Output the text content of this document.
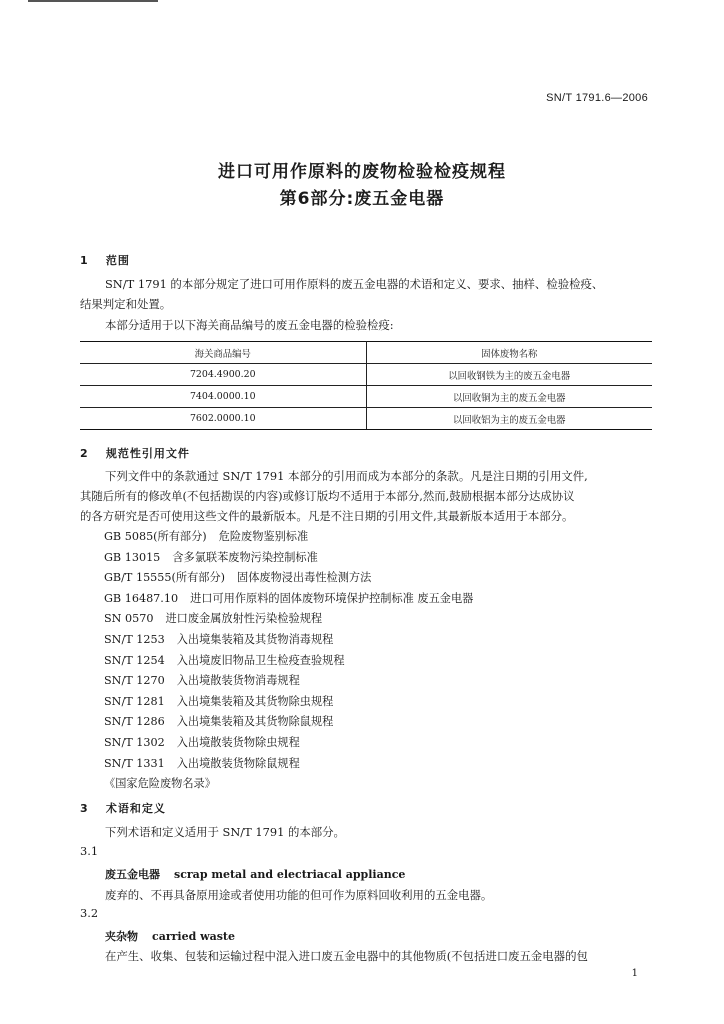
SN/T 1791.6—2006
进口可用作原料的废物检验检疫规程
第6部分:废五金电器
1 范围
SN/T 1791 的本部分规定了进口可用作原料的废五金电器的术语和定义、要求、抽样、检验检疫、
结果判定和处置。
本部分适用于以下海关商品编号的废五金电器的检验检疫:
海关商品编号	固体废物名称
7204.4900.20	以回收钢铁为主的废五金电器
7404.0000.10	以回收铜为主的废五金电器
7602.0000.10	以回收铝为主的废五金电器
2 规范性引用文件
下列文件中的条款通过 SN/T 1791 本部分的引用而成为本部分的条款。凡是注日期的引用文件,
其随后所有的修改单(不包括勘误的内容)或修订版均不适用于本部分,然而,鼓励根据本部分达成协议
的各方研究是否可使用这些文件的最新版本。凡是不注日期的引用文件,其最新版本适用于本部分。
GB 5085(所有部分) 危险废物鉴别标准
GB 13015 含多氯联苯废物污染控制标准
GB/T 15555(所有部分) 固体废物浸出毒性检测方法
GB 16487.10 进口可用作原料的固体废物环境保护控制标准 废五金电器
SN 0570 进口废金属放射性污染检验规程
SN/T 1253 入出境集装箱及其货物消毒规程
SN/T 1254 入出境废旧物品卫生检疫查验规程
SN/T 1270 入出境散装货物消毒规程
SN/T 1281 入出境集装箱及其货物除虫规程
SN/T 1286 入出境集装箱及其货物除鼠规程
SN/T 1302 入出境散装货物除虫规程
SN/T 1331 入出境散装货物除鼠规程
《国家危险废物名录》
3 术语和定义
下列术语和定义适用于 SN/T 1791 的本部分。
3.1
废五金电器 scrap metal and electriacal appliance
废弃的、不再具备原用途或者使用功能的但可作为原料回收利用的五金电器。
3.2
夹杂物 carried waste
在产生、收集、包装和运输过程中混入进口废五金电器中的其他物质(不包括进口废五金电器的包
1
